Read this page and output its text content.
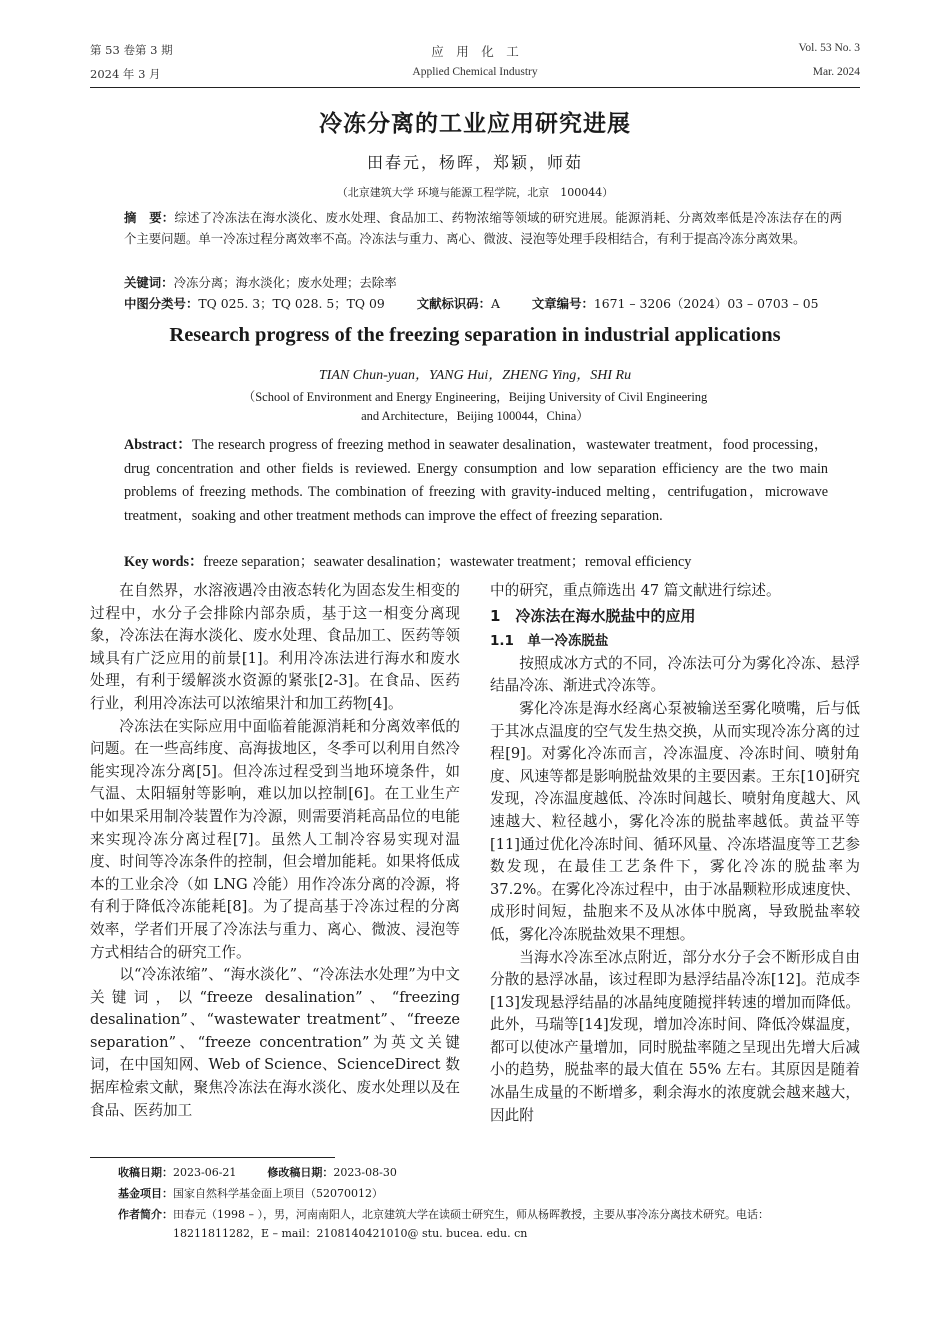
第 53 卷第 3 期
2024 年 3 月
应　用　化　工
Applied Chemical Industry
Vol. 53 No. 3
Mar. 2024
冷冻分离的工业应用研究进展
田春元，杨晖，郑颖，师茹
（北京建筑大学 环境与能源工程学院，北京　100044）
摘　要：综述了冷冻法在海水淡化、废水处理、食品加工、药物浓缩等领域的研究进展。能源消耗、分离效率低是冷冻法存在的两个主要问题。单一冷冻过程分离效率不高。冷冻法与重力、离心、微波、浸泡等处理手段相结合，有利于提高冷冻分离效果。
关键词：冷冻分离；海水淡化；废水处理；去除率
中图分类号：TQ 025. 3；TQ 028. 5；TQ 09	文献标识码：A	文章编号：1671 – 3206（2024）03 – 0703 – 05
Research progress of the freezing separation in industrial applications
TIAN Chun-yuan，YANG Hui，ZHENG Ying，SHI Ru
（School of Environment and Energy Engineering，Beijing University of Civil Engineering
and Architecture，Beijing 100044，China）
Abstract：The research progress of freezing method in seawater desalination，wastewater treatment，food processing，drug concentration and other fields is reviewed. Energy consumption and low separation efficiency are the two main problems of freezing methods. The combination of freezing with gravity-induced melting，centrifugation，microwave treatment，soaking and other treatment methods can improve the effect of freezing separation.
Key words：freeze separation；seawater desalination；wastewater treatment；removal efficiency

在自然界，水溶液遇冷由液态转化为固态发生相变的过程中，水分子会排除内部杂质，基于这一相变分离现象，冷冻法在海水淡化、废水处理、食品加工、医药等领域具有广泛应用的前景[1]。利用冷冻法进行海水和废水处理，有利于缓解淡水资源的紧张[2-3]。在食品、医药行业，利用冷冻法可以浓缩果汁和加工药物[4]。

冷冻法在实际应用中面临着能源消耗和分离效率低的问题。在一些高纬度、高海拔地区，冬季可以利用自然冷能实现冷冻分离[5]。但冷冻过程受到当地环境条件，如气温、太阳辐射等影响，难以加以控制[6]。在工业生产中如果采用制冷装置作为冷源，则需要消耗高品位的电能来实现冷冻分离过程[7]。虽然人工制冷容易实现对温度、时间等冷冻条件的控制，但会增加能耗。如果将低成本的工业余冷（如 LNG 冷能）用作冷冻分离的冷源，将有利于降低冷冻能耗[8]。为了提高基于冷冻过程的分离效率，学者们开展了冷冻法与重力、离心、微波、浸泡等方式相结合的研究工作。

以“冷冻浓缩”、“海水淡化”、“冷冻法水处理”为中文关键词，以“freeze desalination”、“freezing desalination”、“wastewater treatment”、“freeze separation”、“freeze concentration”为英文关键词，在中国知网、Web of Science、ScienceDirect 数据库检索文献，聚焦冷冻法在海水淡化、废水处理以及在食品、医药加工

中的研究，重点筛选出 47 篇文献进行综述。

1　冷冻法在海水脱盐中的应用
1.1　单一冷冻脱盐

按照成冰方式的不同，冷冻法可分为雾化冷冻、悬浮结晶冷冻、渐进式冷冻等。

雾化冷冻是海水经离心泵被输送至雾化喷嘴，后与低于其冰点温度的空气发生热交换，从而实现冷冻分离的过程[9]。对雾化冷冻而言，冷冻温度、冷冻时间、喷射角度、风速等都是影响脱盐效果的主要因素。王东[10]研究发现，冷冻温度越低、冷冻时间越长、喷射角度越大、风速越大、粒径越小，雾化冷冻的脱盐率越低。黄益平等[11]通过优化冷冻时间、循环风量、冷冻塔温度等工艺参数发现，在最佳工艺条件下，雾化冷冻的脱盐率为 37.2%。在雾化冷冻过程中，由于冰晶颗粒形成速度快、成形时间短，盐胞来不及从冰体中脱离，导致脱盐率较低，雾化冷冻脱盐效果不理想。

当海水冷冻至冰点附近，部分水分子会不断形成自由分散的悬浮冰晶，该过程即为悬浮结晶冷冻[12]。范成李[13]发现悬浮结晶的冰晶纯度随搅拌转速的增加而降低。此外，马瑞等[14]发现，增加冷冻时间、降低冷媒温度，都可以使冰产量增加，同时脱盐率随之呈现出先增大后减小的趋势，脱盐率的最大值在 55% 左右。其原因是随着冰晶生成量的不断增多，剩余海水的浓度就会越来越大，因此附

收稿日期：2023-06-21	修改稿日期：2023-08-30
基金项目：国家自然科学基金面上项目（52070012）
作者简介：田春元（1998 – ），男，河南南阳人，北京建筑大学在读硕士研究生，师从杨晖教授，主要从事冷冻分离技术研究。电话：
18211811282，E – mail：2108140421010@ stu. bucea. edu. cn
